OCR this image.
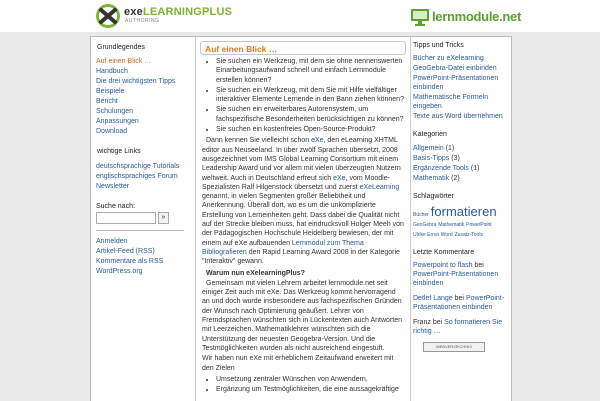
exeLEARNINGPLUS
AUTHORING	lernmodule.net
Grundlegendes
Auf einen Blick …
Handbuch
Die drei wichtigsten Tipps
Beispiele
Bericht
Schulungen
Anpassungen
Download
wichtige Links
deutschsprachige Tutorials
englischsprachiges Forum
Newsletter
Suche nach:
»
Anmelden
Artikel-Feed (RSS)
Kommentare als RSS
WordPress.org
Auf einen Blick …
• Sie suchen ein Werkzeug, mit dem sie ohne nennenswerten Einarbeitungsaufwand schnell und einfach Lernmodule erstellen können?
• Sie suchen ein Werkzeug, mit dem Sie mit Hilfe vielfältiger interaktiver Elemente Lernende in den Bann ziehen können?
• Sie suchen ein erweiterbares Autorensystem, um fachspezifische Besonderheiten berücksichtigen zu können?
• Sie suchen ein kostenfreies Open-Source-Produkt?

Dann kennen Sie vielleicht schon eXe, den eLearning XHTML editor aus Neuseeland. In über zwölf Sprachen übersetzt, 2008 ausgezeichnet vom IMS Global Learning Consortium mit einem Leadership Award und vor allem mit vielen überzeugten Nutzern weltweit. Auch in Deutschland erfreut sich eXe, vom Moodle-Spezialisten Ralf Hilgenstock übersetzt und zuerst eXeLearning genannt, in vielen Segmenten großer Beliebtheit und Anerkennung. Überall dort, wo es um die unkomplizierte Erstellung von Lerneinheiten geht. Dass dabei die Qualität nicht auf der Strecke bleiben muss, hat eindrucksvoll Holger Meeh von der Pädagogischen Hochschule Heidelberg bewiesen, der mit einem auf eXe aufbauenden Lernmodul zum Thema Bibliografieren den Rapid Learning Award 2008 in der Kategorie "Interaktiv" gewann.

Warum nun eXelearningPlus?

Gemeinsam mit vielen Lehrern arbeitet lernmodule.net seit einiger Zeit auch mit eXe. Das Werkzeug kommt hervorragend an und doch wurde insbesondere aus fachspezifischen Gründen der Wunsch nach Optimierung geäußert. Lehrer von Fremdsprachen wünschten sich in Lückentexten auch Antworten mit Leerzeichen. Mathematiklehrer wünschten sich die Unterstützung der neuesten Geogebra-Version. Und die Testmöglichkeiten wurden als nicht ausreichend eingestuft.

Wir haben nun eXe mit erheblichem Zeitaufwand erweitert mit den Zielen

• Umsetzung zentraler Wünschen von Anwendern,
• Ergänzung um Testmöglichkeiten, die eine aussagekräftige
Tipps und Tricks
Bücher zu eXelearning
GeoGebra-Datei einbinden
PowerPoint-Präsentationen einbinden
Mathematische Formeln eingeben
Texte aus Word übernehmen
Kategorien
Allgemein (1)
Basis-Tipps (3)
Ergänzende Tools (1)
Mathematik (2)
Schlagwörter
Bücher formatieren
GeoGebra Mathematik PowerPoint
Ulrike Ernst Word Zusatz-Tools
Letzte Kommentare
Powerpoint to flash bei PowerPoint-Präsentationen einbinden
Detlef Lange bei PowerPoint-Präsentationen einbinden
Franz bei So formatieren Sie richtig …
WEBVERZEICHNIS
